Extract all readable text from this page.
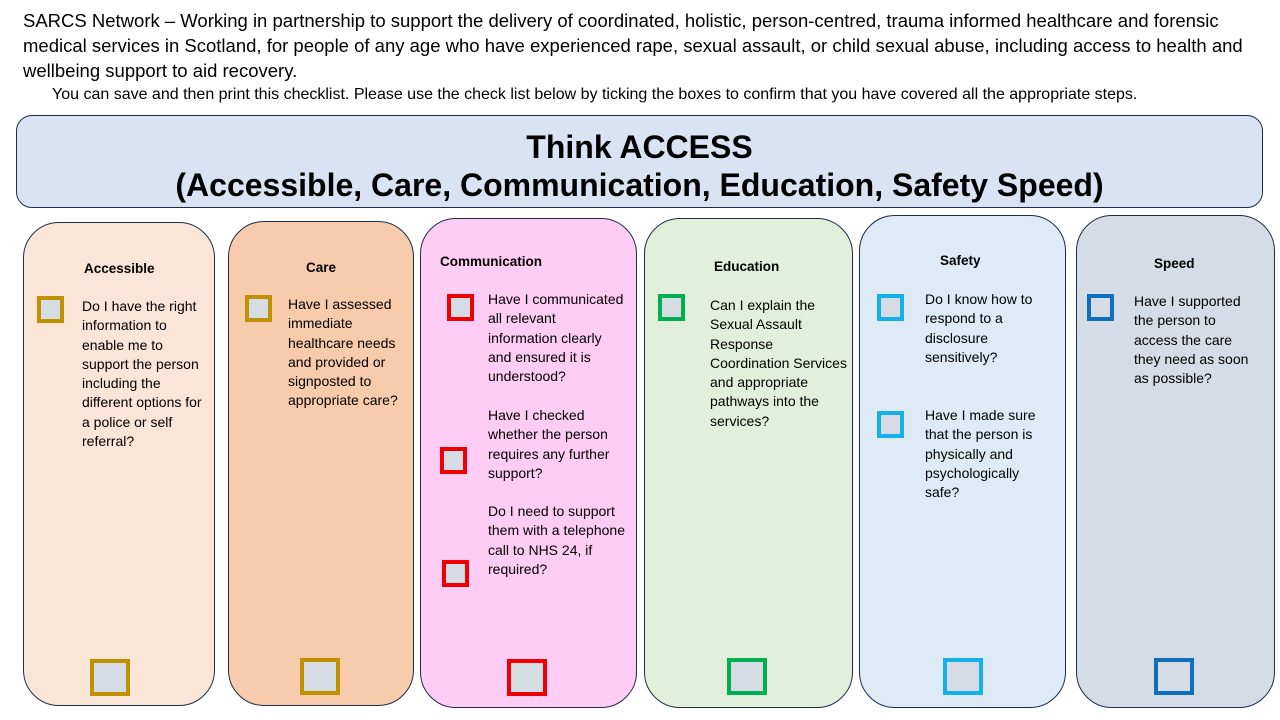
SARCS Network – Working in partnership to support the delivery of coordinated, holistic, person-centred, trauma informed healthcare and forensic medical services in Scotland, for people of any age who have experienced rape, sexual assault, or child sexual abuse, including access to health and wellbeing support to aid recovery.
You can save and then print this checklist. Please use the check list below by ticking the boxes to confirm that you have covered all the appropriate steps.
Think ACCESS
(Accessible, Care, Communication, Education, Safety Speed)
Accessible
Do I have the right information to enable me to support the person including the different options for a police or self referral?
Care
Have I assessed immediate healthcare needs and provided or signposted to appropriate care?
Communication
Have I communicated all relevant information clearly and ensured it is understood?
Have I checked whether the person requires any further support?
Do I need to support them with a telephone call to NHS 24, if required?
Education
Can I explain the Sexual Assault Response Coordination Services and appropriate pathways into the services?
Safety
Do I know how to respond to a disclosure sensitively?
Have I made sure that the person is physically and psychologically safe?
Speed
Have I supported the person to access the care they need as soon as possible?
